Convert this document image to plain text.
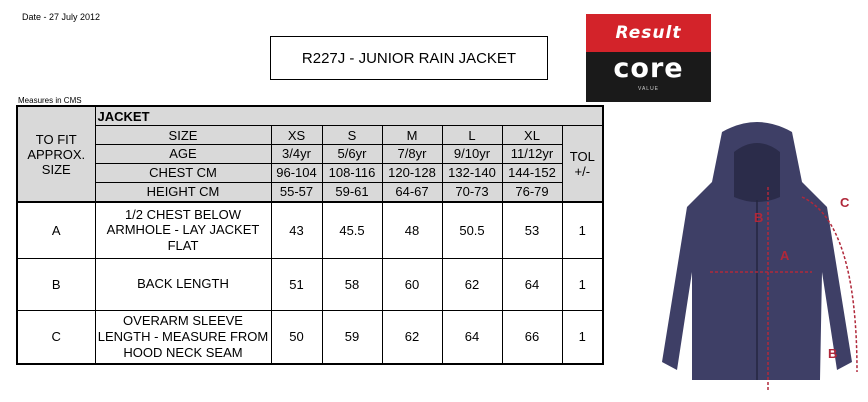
Date - 27 July 2012
R227J - JUNIOR RAIN JACKET
Result
core
VALUE
Measures in CMS
TO FIT APPROX. SIZE	JACKET						
	SIZE	XS	S	M	L	XL	TOL +/-
	AGE	3/4yr	5/6yr	7/8yr	9/10yr	11/12yr	
	CHEST CM	96-104	108-116	120-128	132-140	144-152	
	HEIGHT CM	55-57	59-61	64-67	70-73	76-79	
A	1/2 CHEST BELOW ARMHOLE - LAY JACKET FLAT	43	45.5	48	50.5	53	1
B	BACK LENGTH	51	58	60	62	64	1
C	OVERARM SLEEVE LENGTH - MEASURE FROM HOOD NECK SEAM	50	59	62	64	66	1
A
B
C
B
